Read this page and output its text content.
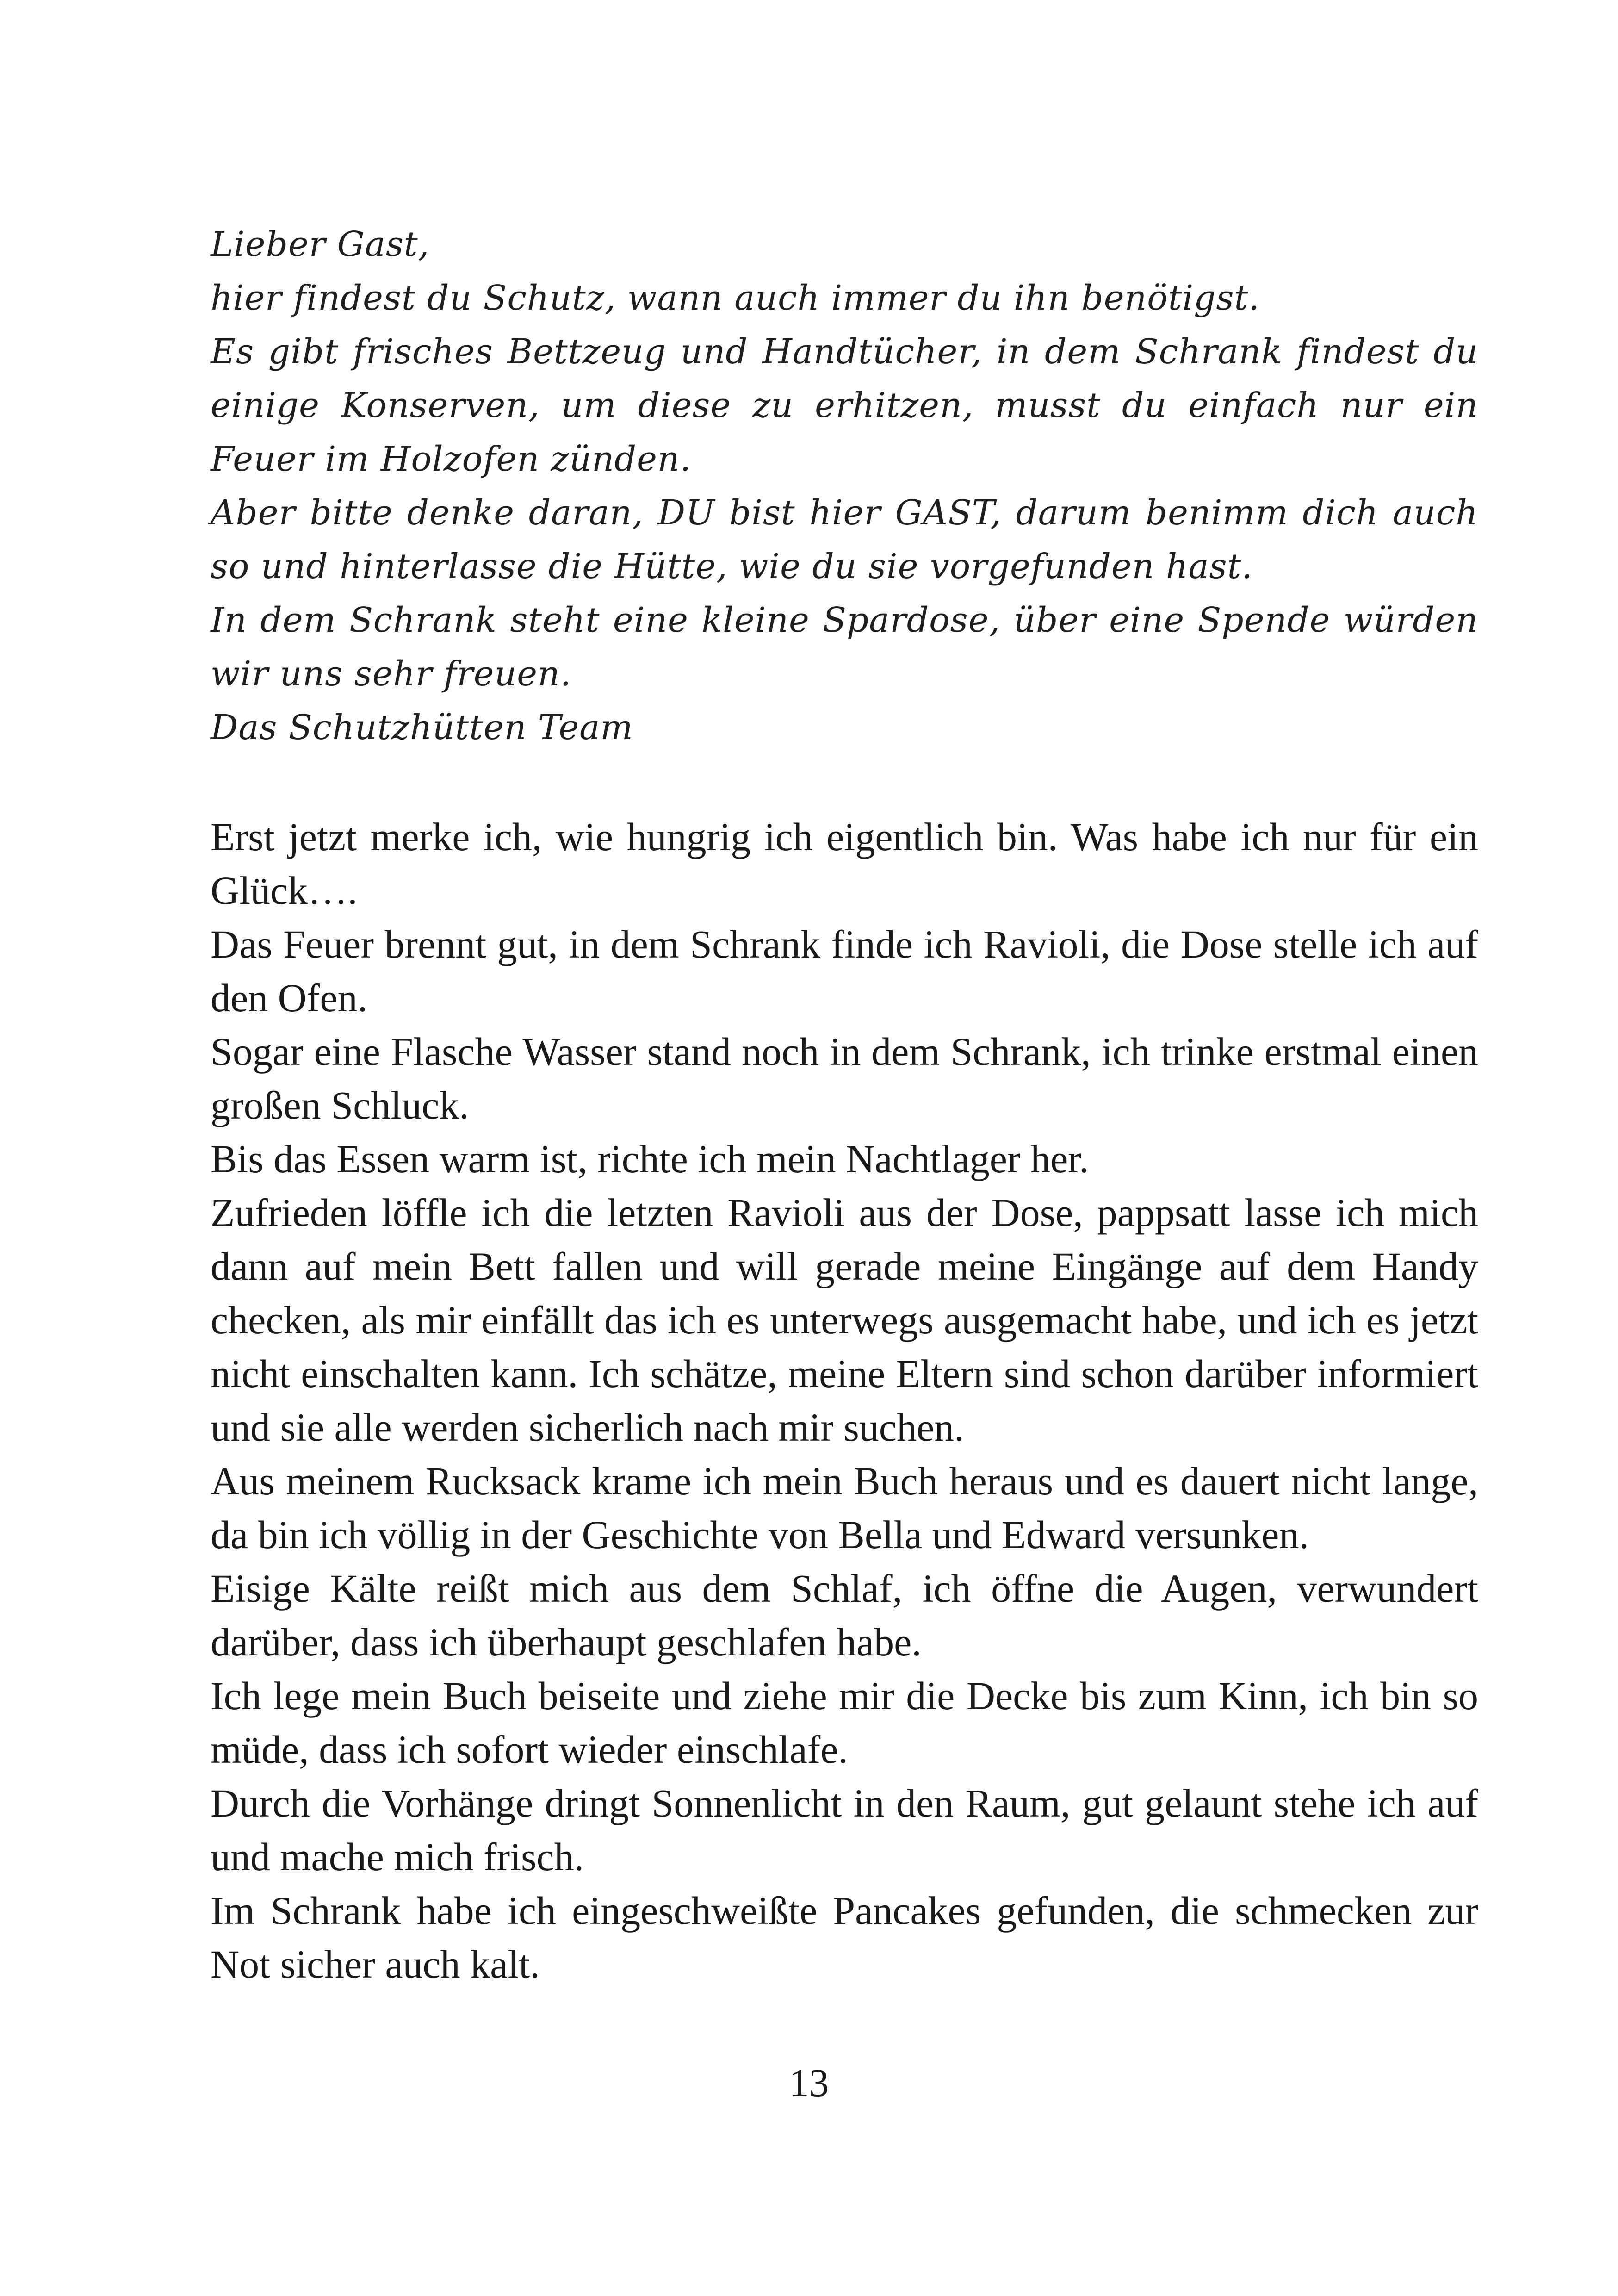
Lieber Gast,

hier findest du Schutz, wann auch immer du ihn benötigst.

Es gibt frisches Bettzeug und Handtücher, in dem Schrank findest du einige Konserven, um diese zu erhitzen, musst du einfach nur ein Feuer im Holzofen zünden.

Aber bitte denke daran, DU bist hier GAST, darum benimm dich auch so und hinterlasse die Hütte, wie du sie vorgefunden hast.

In dem Schrank steht eine kleine Spardose, über eine Spende würden wir uns sehr freuen.

Das Schutzhütten Team

Erst jetzt merke ich, wie hungrig ich eigentlich bin. Was habe ich nur für ein Glück….

Das Feuer brennt gut, in dem Schrank finde ich Ravioli, die Dose stelle ich auf den Ofen.

Sogar eine Flasche Wasser stand noch in dem Schrank, ich trinke erstmal einen großen Schluck.

Bis das Essen warm ist, richte ich mein Nachtlager her.

Zufrieden löffle ich die letzten Ravioli aus der Dose, pappsatt lasse ich mich dann auf mein Bett fallen und will gerade meine Eingänge auf dem Handy checken, als mir einfällt das ich es unterwegs ausgemacht habe, und ich es jetzt nicht einschalten kann. Ich schätze, meine Eltern sind schon darüber informiert und sie alle werden sicherlich nach mir suchen.

Aus meinem Rucksack krame ich mein Buch heraus und es dauert nicht lange, da bin ich völlig in der Geschichte von Bella und Edward versunken.

Eisige Kälte reißt mich aus dem Schlaf, ich öffne die Augen, verwundert darüber, dass ich überhaupt geschlafen habe.

Ich lege mein Buch beiseite und ziehe mir die Decke bis zum Kinn, ich bin so müde, dass ich sofort wieder einschlafe.

Durch die Vorhänge dringt Sonnenlicht in den Raum, gut gelaunt stehe ich auf und mache mich frisch.

Im Schrank habe ich eingeschweißte Pancakes gefunden, die schmecken zur Not sicher auch kalt.

13
